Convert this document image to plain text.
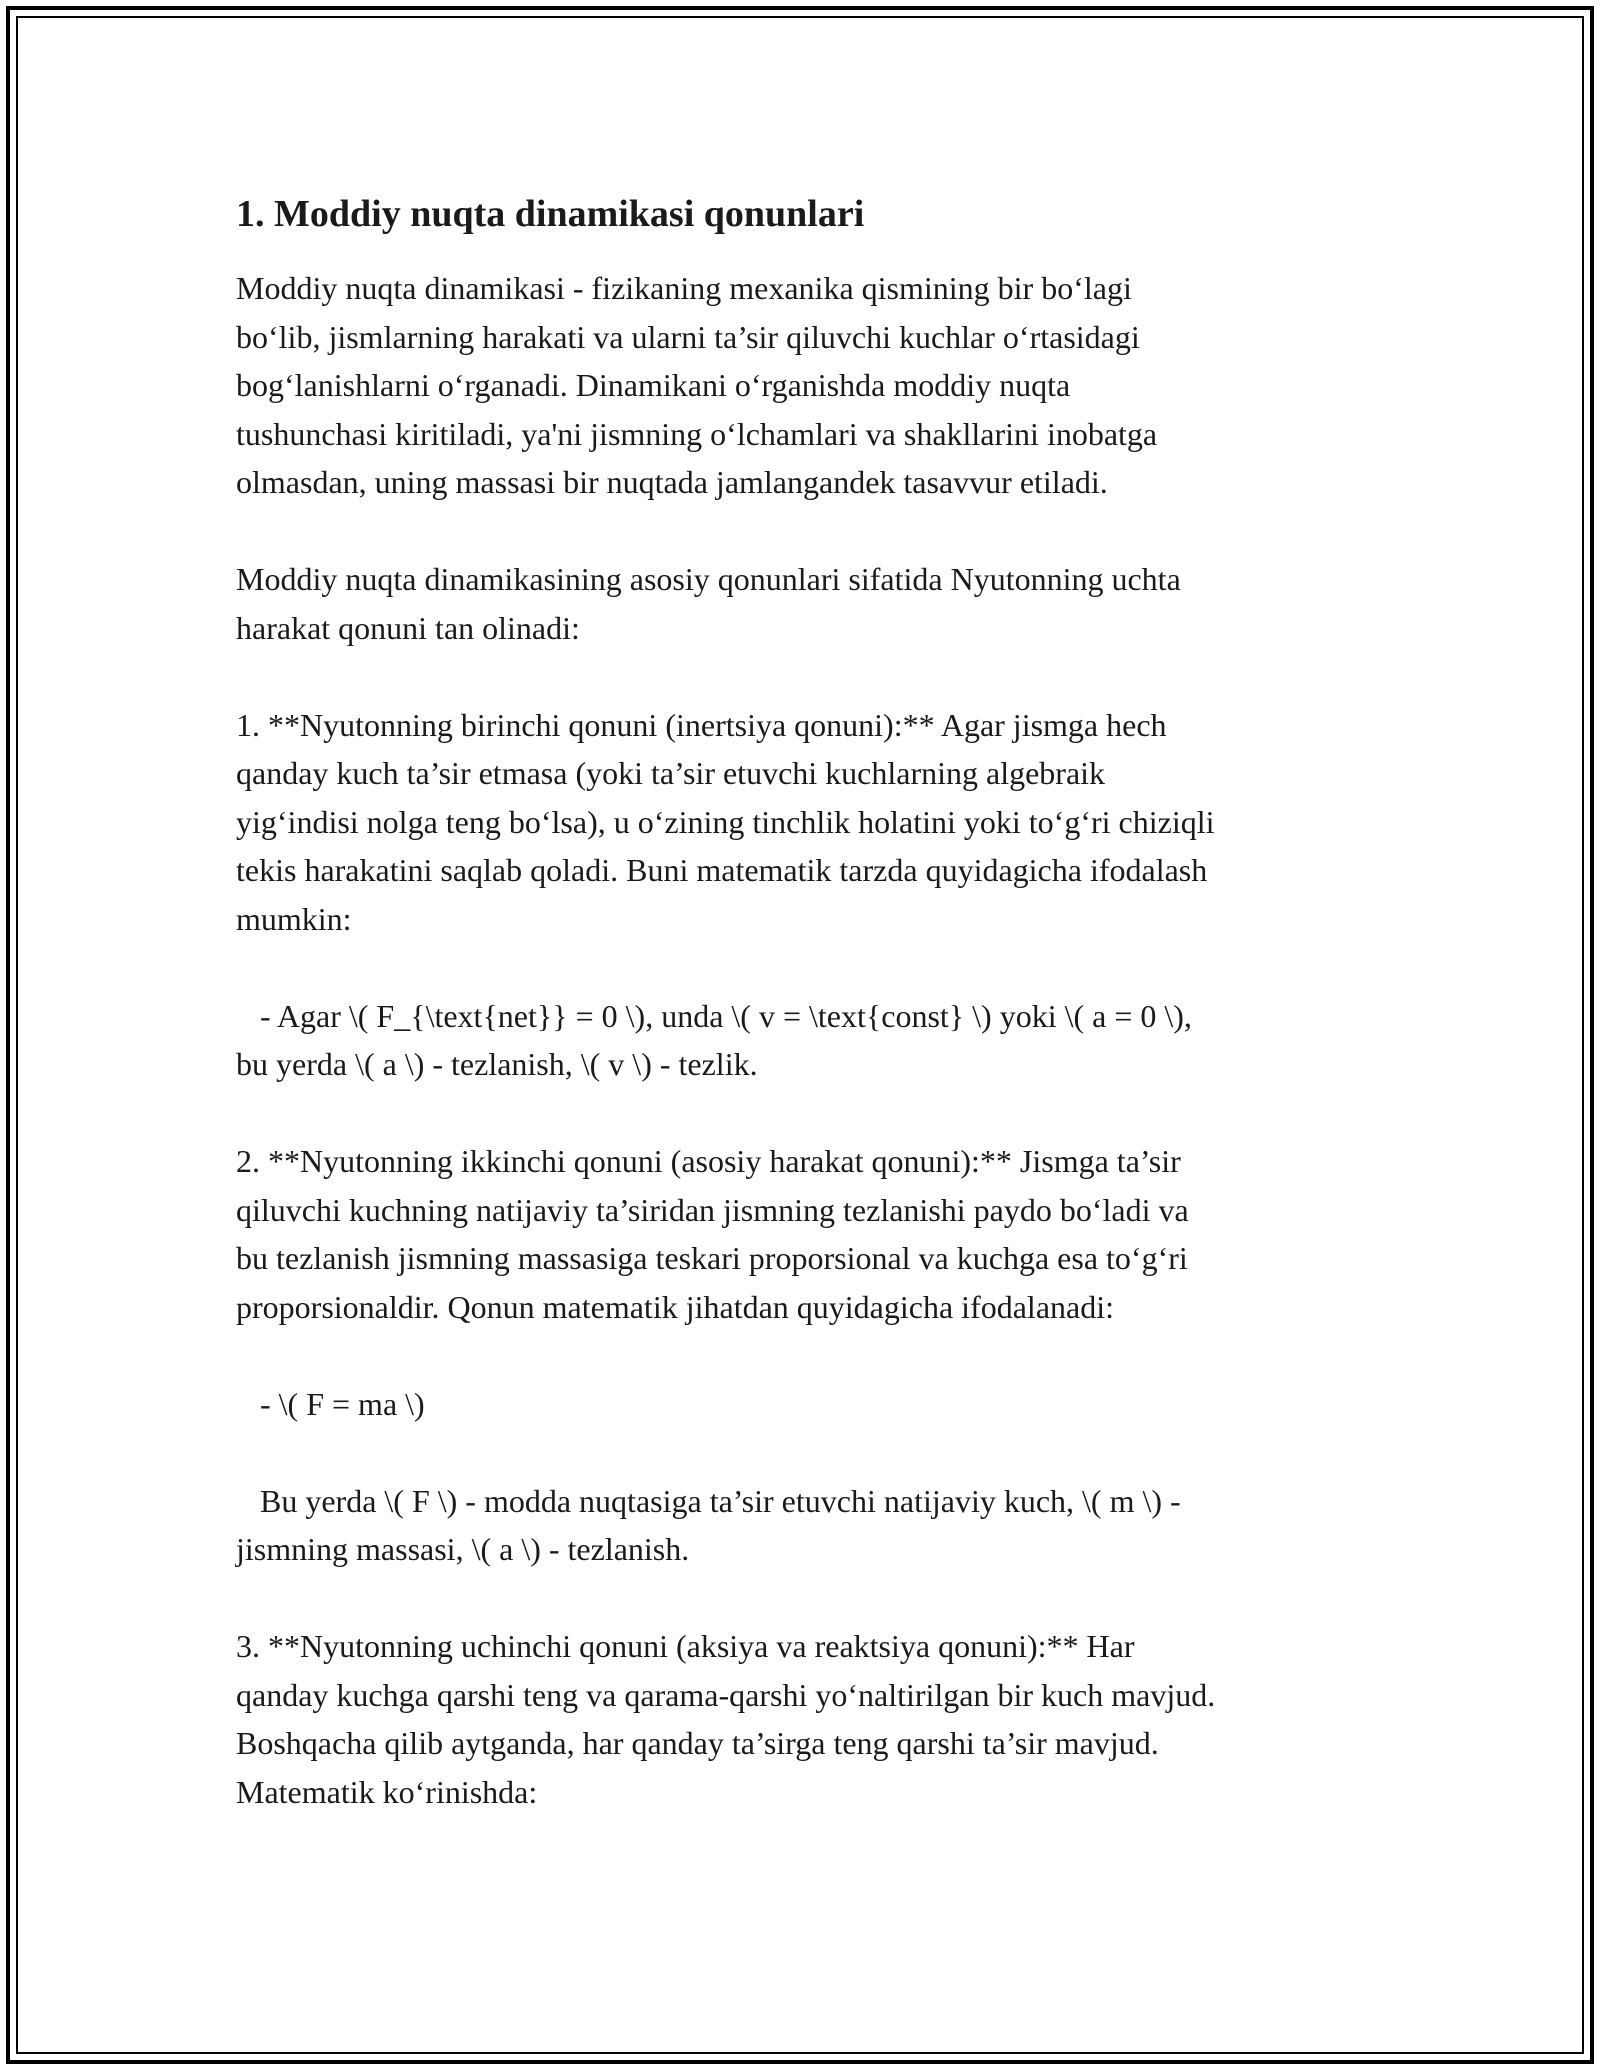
1. Moddiy nuqta dinamikasi qonunlari
Moddiy nuqta dinamikasi - fizikaning mexanika qismining bir bo‘lagi
bo‘lib, jismlarning harakati va ularni ta’sir qiluvchi kuchlar o‘rtasidagi
bog‘lanishlarni o‘rganadi. Dinamikani o‘rganishda moddiy nuqta
tushunchasi kiritiladi, ya'ni jismning o‘lchamlari va shakllarini inobatga
olmasdan, uning massasi bir nuqtada jamlangandek tasavvur etiladi.
Moddiy nuqta dinamikasining asosiy qonunlari sifatida Nyutonning uchta
harakat qonuni tan olinadi:
1. **Nyutonning birinchi qonuni (inertsiya qonuni):** Agar jismga hech
qanday kuch ta’sir etmasa (yoki ta’sir etuvchi kuchlarning algebraik
yig‘indisi nolga teng bo‘lsa), u o‘zining tinchlik holatini yoki to‘g‘ri chiziqli
tekis harakatini saqlab qoladi. Buni matematik tarzda quyidagicha ifodalash
mumkin:
- Agar \( F_{\text{net}} = 0 \), unda \( v = \text{const} \) yoki \( a = 0 \),
bu yerda \( a \) - tezlanish, \( v \) - tezlik.
2. **Nyutonning ikkinchi qonuni (asosiy harakat qonuni):** Jismga ta’sir
qiluvchi kuchning natijaviy ta’siridan jismning tezlanishi paydo bo‘ladi va
bu tezlanish jismning massasiga teskari proporsional va kuchga esa to‘g‘ri
proporsionaldir. Qonun matematik jihatdan quyidagicha ifodalanadi:
- \( F = ma \)
Bu yerda \( F \) - modda nuqtasiga ta’sir etuvchi natijaviy kuch, \( m \) -
jismning massasi, \( a \) - tezlanish.
3. **Nyutonning uchinchi qonuni (aksiya va reaktsiya qonuni):** Har
qanday kuchga qarshi teng va qarama-qarshi yo‘naltirilgan bir kuch mavjud.
Boshqacha qilib aytganda, har qanday ta’sirga teng qarshi ta’sir mavjud.
Matematik ko‘rinishda:
